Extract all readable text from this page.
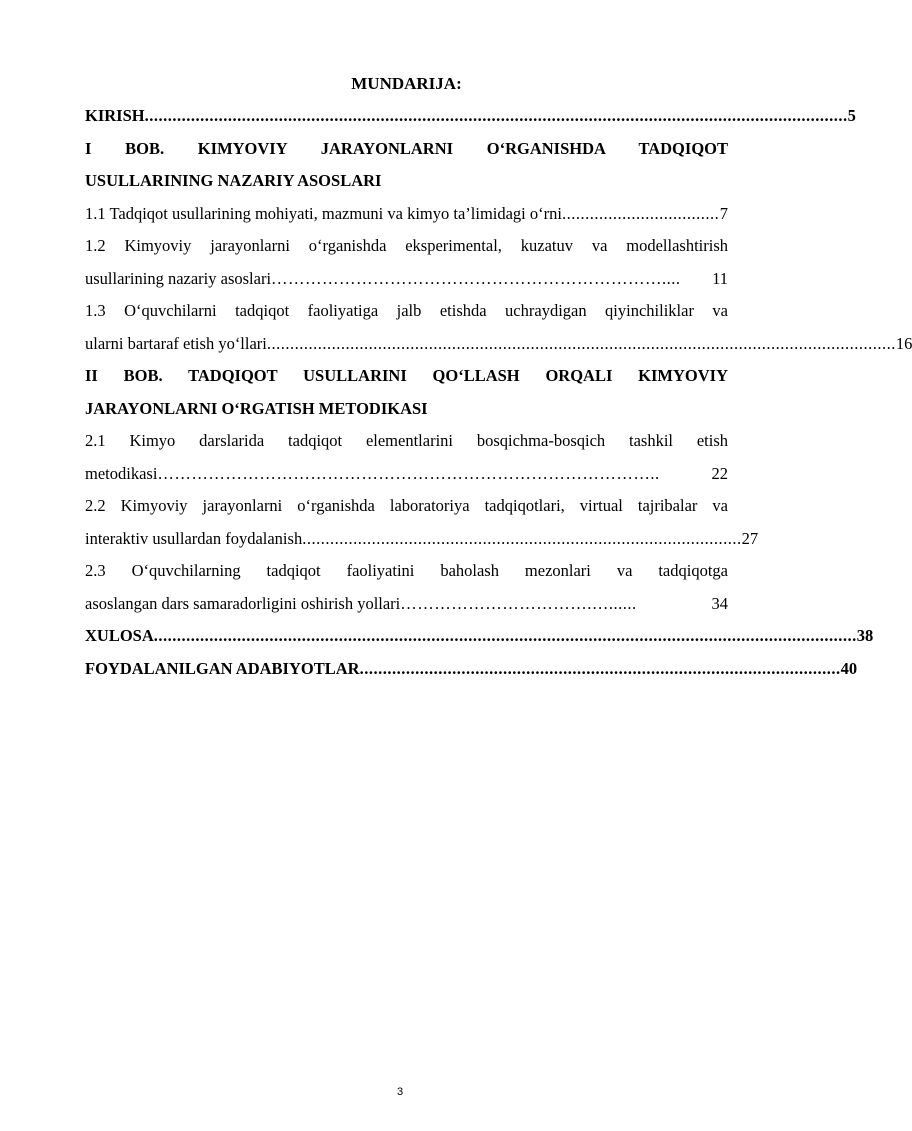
MUNDARIJA:
KIRISH ........................................................................................................................................................ 5
I BOB. KIMYOVIY JARAYONLARNI O‘RGANISHDA TADQIQOT
USULLARINING NAZARIY ASOSLARI
1.1 Tadqiqot usullarining mohiyati, mazmuni va kimyo ta’limidagi o‘rni .................................. 7
1.2 Kimyoviy jarayonlarni o‘rganishda eksperimental, kuzatuv va modellashtirish
usullarining nazariy asoslari ……………………………………………………………....	11
1.3 O‘quvchilarni tadqiqot faoliyatiga jalb etishda uchraydigan qiyinchiliklar va
ularni bartaraf etish yo‘llari ........................................................................................................................................ 16
II BOB. TADQIQOT USULLARINI QO‘LLASH ORQALI KIMYOVIY
JARAYONLARNI O‘RGATISH METODIKASI
2.1 Kimyo darslarida tadqiqot elementlarini bosqichma-bosqich tashkil etish
metodikasi ……………………………………………………………………………..	22
2.2 Kimyoviy jarayonlarni o‘rganishda laboratoriya tadqiqotlari, virtual tajribalar va
interaktiv usullardan foydalanish ............................................................................................... 27
2.3 O‘quvchilarning tadqiqot faoliyatini baholash mezonlari va tadqiqotga
asoslangan dars samaradorligini oshirish yollari …………………………….…......	34
XULOSA ........................................................................................................................................................ 38
FOYDALANILGAN ADABIYOTLAR ........................................................................................................ 40
3
